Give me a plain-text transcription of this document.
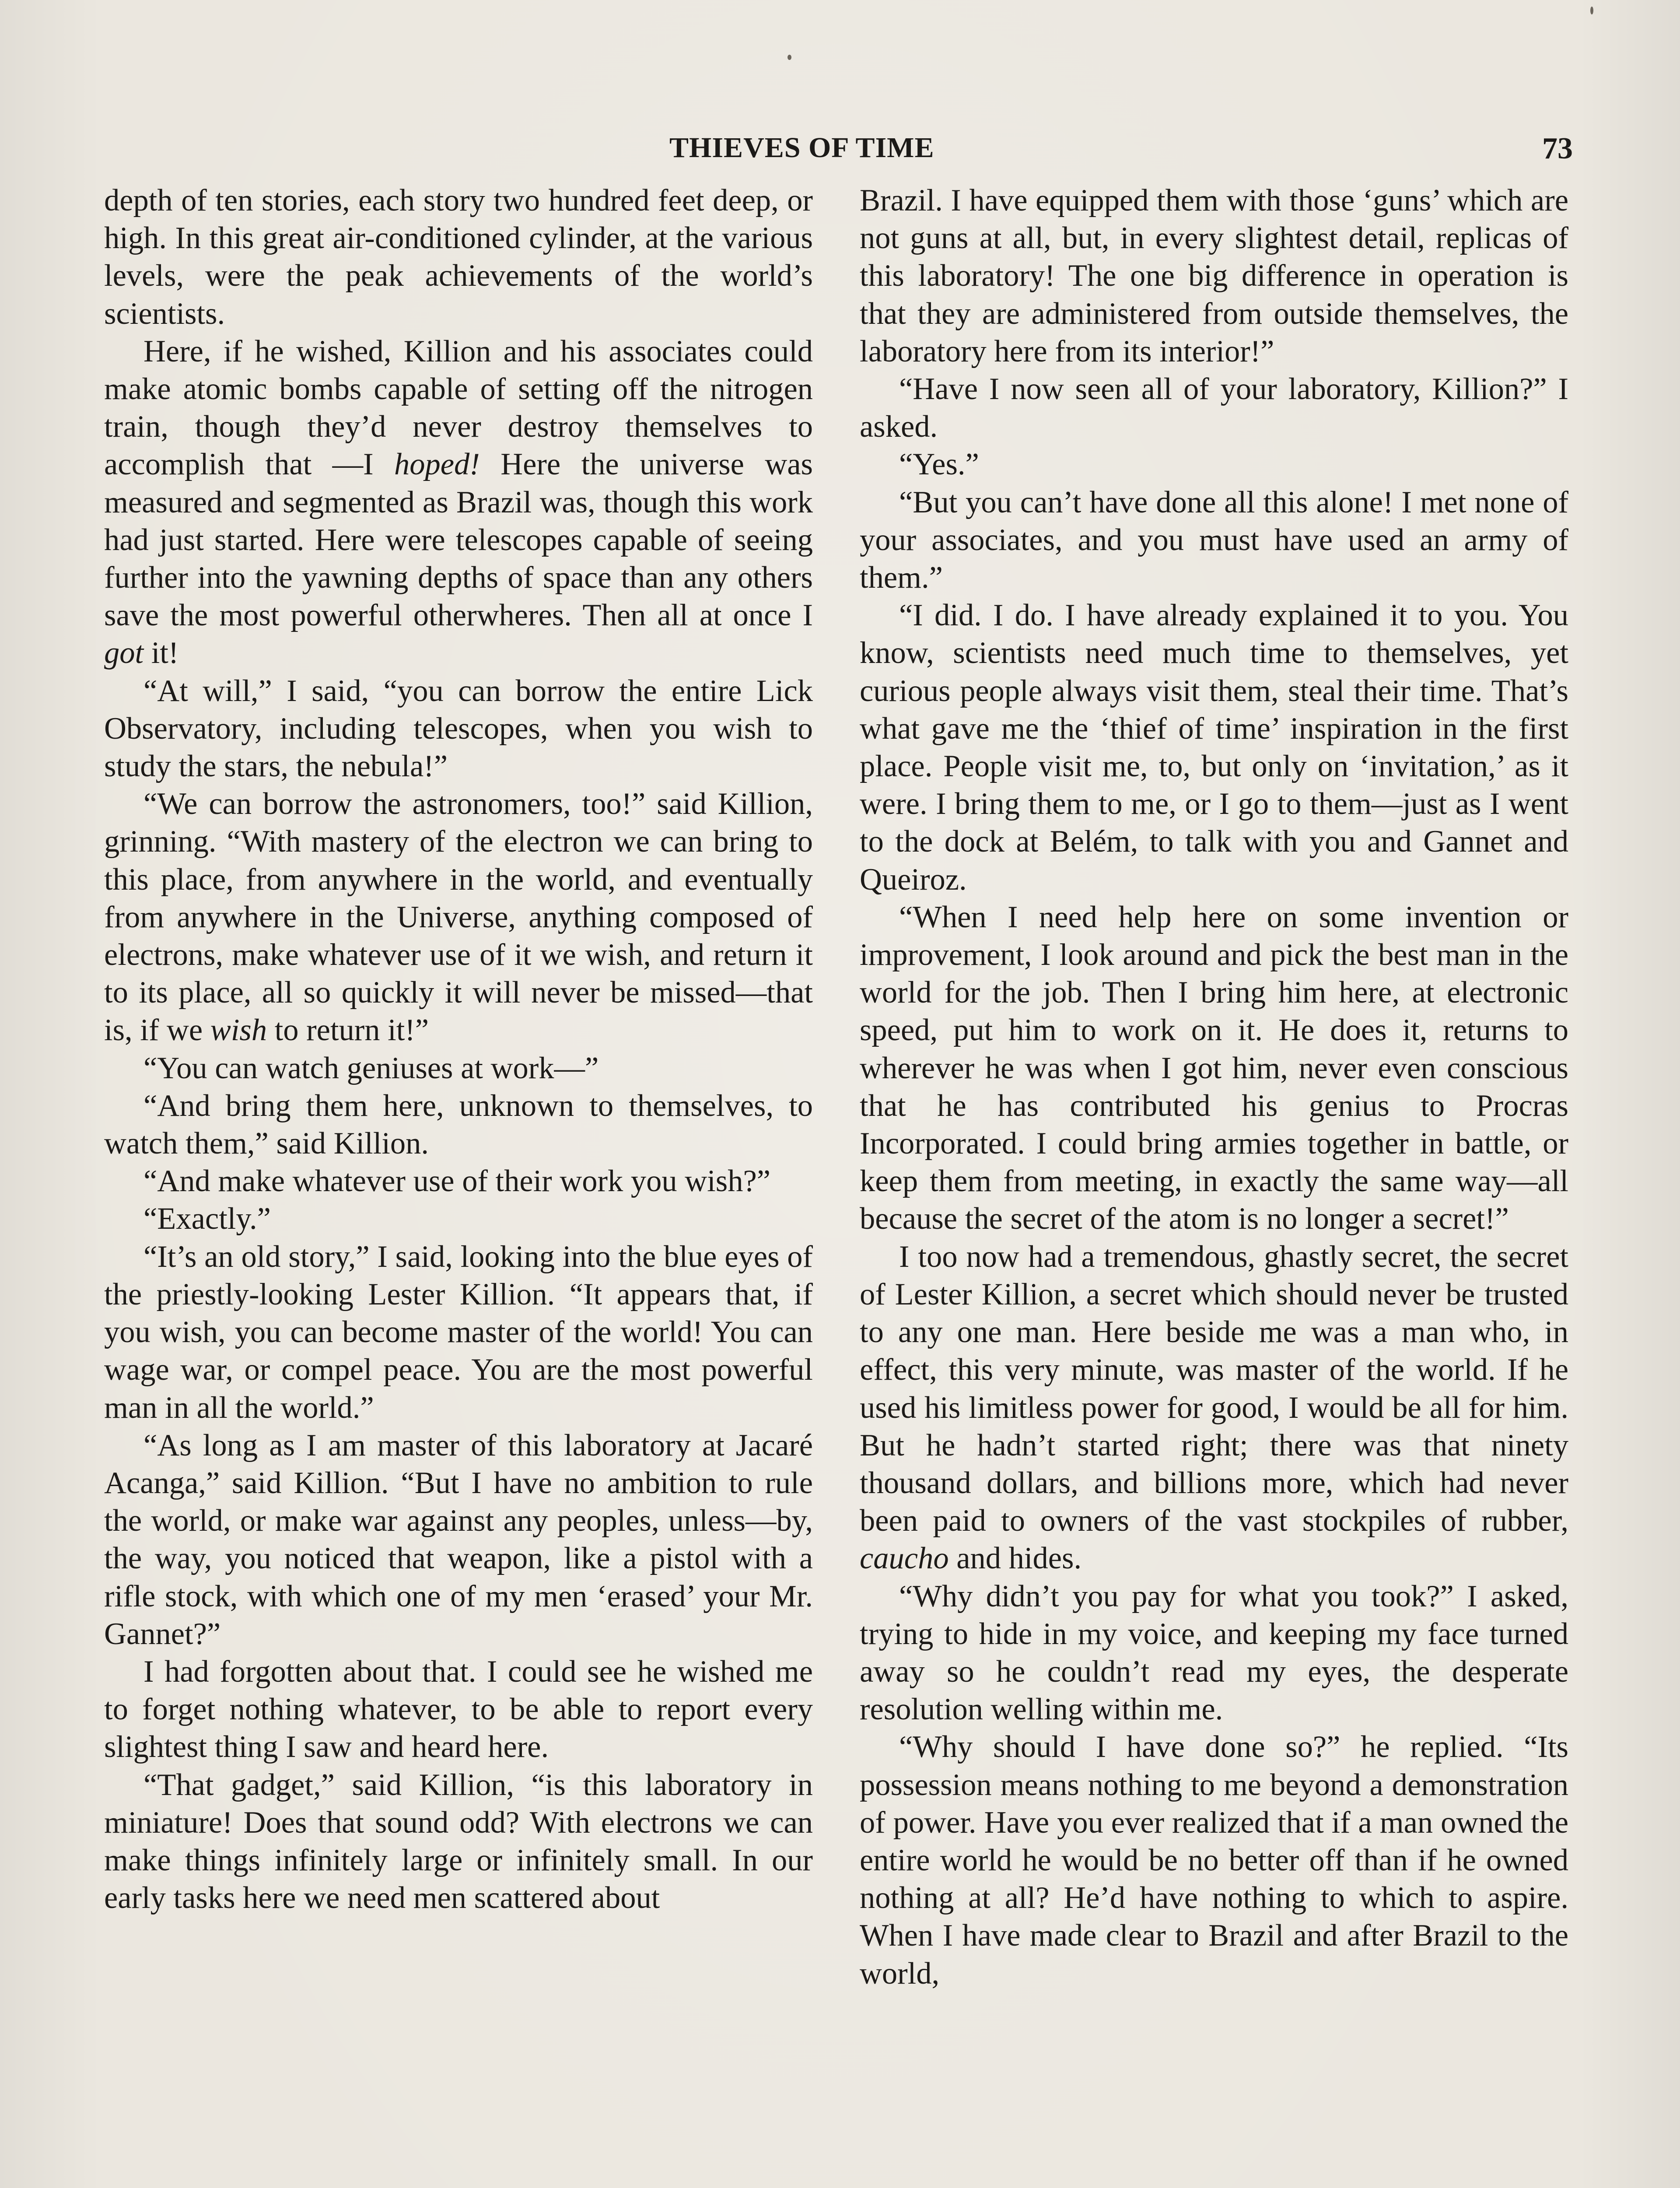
THIEVES OF TIME	73

depth of ten stories, each story two hundred feet deep, or high. In this great air-conditioned cylinder, at the various levels, were the peak achievements of the world’s scientists.

Here, if he wished, Killion and his associates could make atomic bombs capable of setting off the nitrogen train, though they’d never destroy themselves to accomplish that —I hoped! Here the universe was measured and segmented as Brazil was, though this work had just started. Here were telescopes capable of seeing further into the yawning depths of space than any others save the most powerful otherwheres. Then all at once I got it!

“At will,” I said, “you can borrow the entire Lick Observatory, including telescopes, when you wish to study the stars, the nebula!”

“We can borrow the astronomers, too!” said Killion, grinning. “With mastery of the electron we can bring to this place, from anywhere in the world, and eventually from anywhere in the Universe, anything composed of electrons, make whatever use of it we wish, and return it to its place, all so quickly it will never be missed—that is, if we wish to return it!”

“You can watch geniuses at work—”

“And bring them here, unknown to themselves, to watch them,” said Killion.

“And make whatever use of their work you wish?”

“Exactly.”

“It’s an old story,” I said, looking into the blue eyes of the priestly-looking Lester Killion. “It appears that, if you wish, you can become master of the world! You can wage war, or compel peace. You are the most powerful man in all the world.”

“As long as I am master of this laboratory at Jacaré Acanga,” said Killion. “But I have no ambition to rule the world, or make war against any peoples, unless—by, the way, you noticed that weapon, like a pistol with a rifle stock, with which one of my men ‘erased’ your Mr. Gannet?”

I had forgotten about that. I could see he wished me to forget nothing whatever, to be able to report every slightest thing I saw and heard here.

“That gadget,” said Killion, “is this laboratory in miniature! Does that sound odd? With electrons we can make things infinitely large or infinitely small. In our early tasks here we need men scattered about

Brazil. I have equipped them with those ‘guns’ which are not guns at all, but, in every slightest detail, replicas of this laboratory! The one big difference in operation is that they are administered from outside themselves, the laboratory here from its interior!”

“Have I now seen all of your laboratory, Killion?” I asked.

“Yes.”

“But you can’t have done all this alone! I met none of your associates, and you must have used an army of them.”

“I did. I do. I have already explained it to you. You know, scientists need much time to themselves, yet curious people always visit them, steal their time. That’s what gave me the ‘thief of time’ inspiration in the first place. People visit me, to, but only on ‘invitation,’ as it were. I bring them to me, or I go to them—just as I went to the dock at Belém, to talk with you and Gannet and Queiroz.

“When I need help here on some invention or improvement, I look around and pick the best man in the world for the job. Then I bring him here, at electronic speed, put him to work on it. He does it, returns to wherever he was when I got him, never even conscious that he has contributed his genius to Procras Incorporated. I could bring armies together in battle, or keep them from meeting, in exactly the same way—all because the secret of the atom is no longer a secret!”

I too now had a tremendous, ghastly secret, the secret of Lester Killion, a secret which should never be trusted to any one man. Here beside me was a man who, in effect, this very minute, was master of the world. If he used his limitless power for good, I would be all for him. But he hadn’t started right; there was that ninety thousand dollars, and billions more, which had never been paid to owners of the vast stockpiles of rubber, caucho and hides.

“Why didn’t you pay for what you took?” I asked, trying to hide in my voice, and keeping my face turned away so he couldn’t read my eyes, the desperate resolution welling within me.

“Why should I have done so?” he replied. “Its possession means nothing to me beyond a demonstration of power. Have you ever realized that if a man owned the entire world he would be no better off than if he owned nothing at all? He’d have nothing to which to aspire. When I have made clear to Brazil and after Brazil to the world,
